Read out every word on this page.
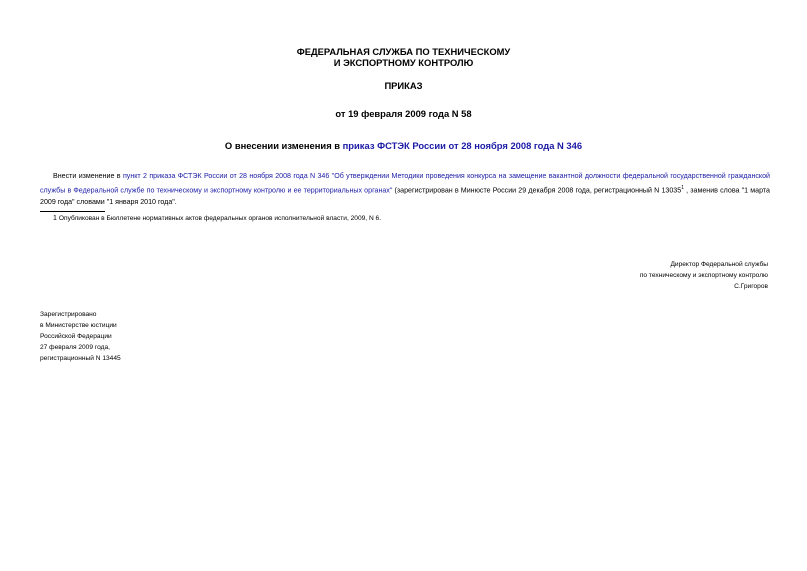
ФЕДЕРАЛЬНАЯ СЛУЖБА ПО ТЕХНИЧЕСКОМУ
И ЭКСПОРТНОМУ КОНТРОЛЮ
ПРИКАЗ
от 19 февраля 2009 года N 58
О внесении изменения в приказ ФСТЭК России от 28 ноября 2008 года N 346
Внести изменение в пункт 2 приказа ФСТЭК России от 28 ноября 2008 года N 346 "Об утверждении Методики проведения конкурса на замещение вакантной должности федеральной государственной гражданской службы в Федеральной службе по техническому и экспортному контролю и ее территориальных органах" (зарегистрирован в Минюсте России 29 декабря 2008 года, регистрационный N 13035$^1$ , заменив слова "1 марта 2009 года" словами "1 января 2010 года".
1 Опубликован в Бюллетене нормативных актов федеральных органов исполнительной власти, 2009, N 6.
Директор Федеральной службы
по техническому и экспортному контролю
С.Григоров
Зарегистрировано
в Министерстве юстиции
Российской Федерации
27 февраля 2009 года,
регистрационный N 13445
